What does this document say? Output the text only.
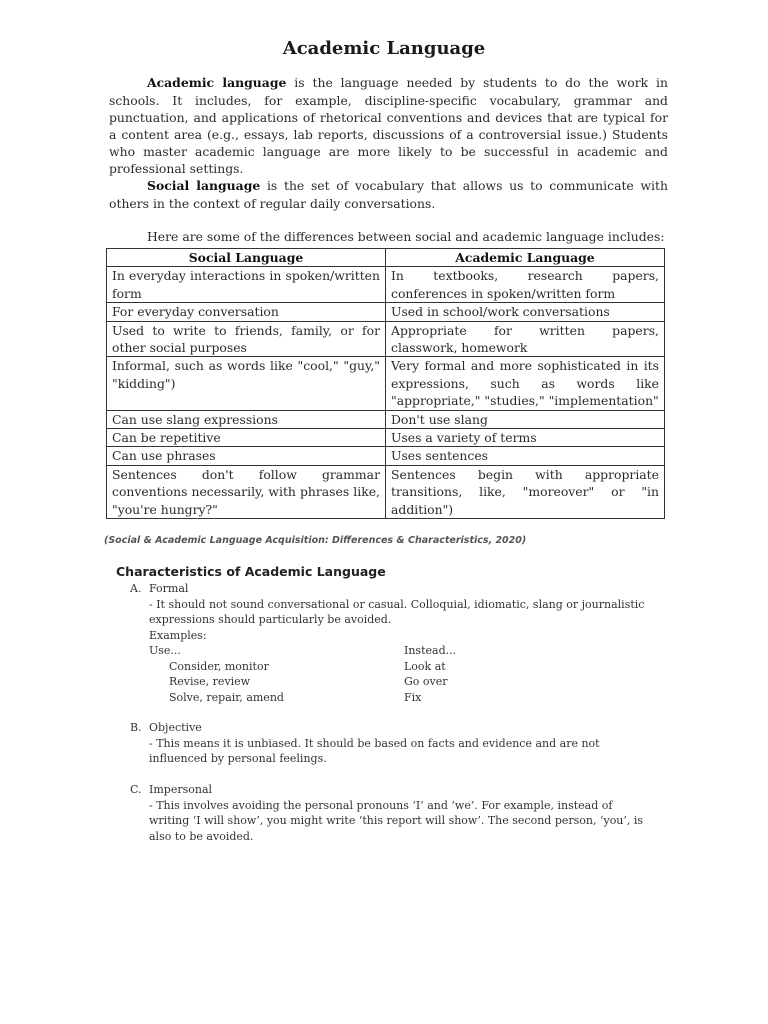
Academic Language

Academic language is the language needed by students to do the work in schools. It includes, for example, discipline-specific vocabulary, grammar and punctuation, and applications of rhetorical conventions and devices that are typical for a content area (e.g., essays, lab reports, discussions of a controversial issue.) Students who master academic language are more likely to be successful in academic and professional settings.

Social language is the set of vocabulary that allows us to communicate with others in the context of regular daily conversations.

Here are some of the differences between social and academic language includes:

Social Language	Academic Language
In everyday interactions in spoken/written form	In textbooks, research papers, conferences in spoken/written form
For everyday conversation	Used in school/work conversations
Used to write to friends, family, or for other social purposes	Appropriate for written papers, classwork, homework
Informal, such as words like "cool," "guy," "kidding")	Very formal and more sophisticated in its expressions, such as words like "appropriate," "studies," "implementation"
Can use slang expressions	Don't use slang
Can be repetitive	Uses a variety of terms
Can use phrases	Uses sentences
Sentences don't follow grammar conventions necessarily, with phrases like, "you're hungry?"	Sentences begin with appropriate transitions, like, "moreover" or "in addition")
(Social & Academic Language Acquisition: Differences & Characteristics, 2020)
Characteristics of Academic Language
A. Formal
- It should not sound conversational or casual. Colloquial, idiomatic, slang or journalistic expressions should particularly be avoided.
Examples:
Use...	Instead...
Consider, monitor	Look at
Revise, review	Go over
Solve, repair, amend	Fix
B. Objective
- This means it is unbiased. It should be based on facts and evidence and are not influenced by personal feelings.
C. Impersonal
- This involves avoiding the personal pronouns ‘I’ and ‘we’. For example, instead of writing ‘I will show’, you might write ‘this report will show’. The second person, ‘you’, is also to be avoided.
